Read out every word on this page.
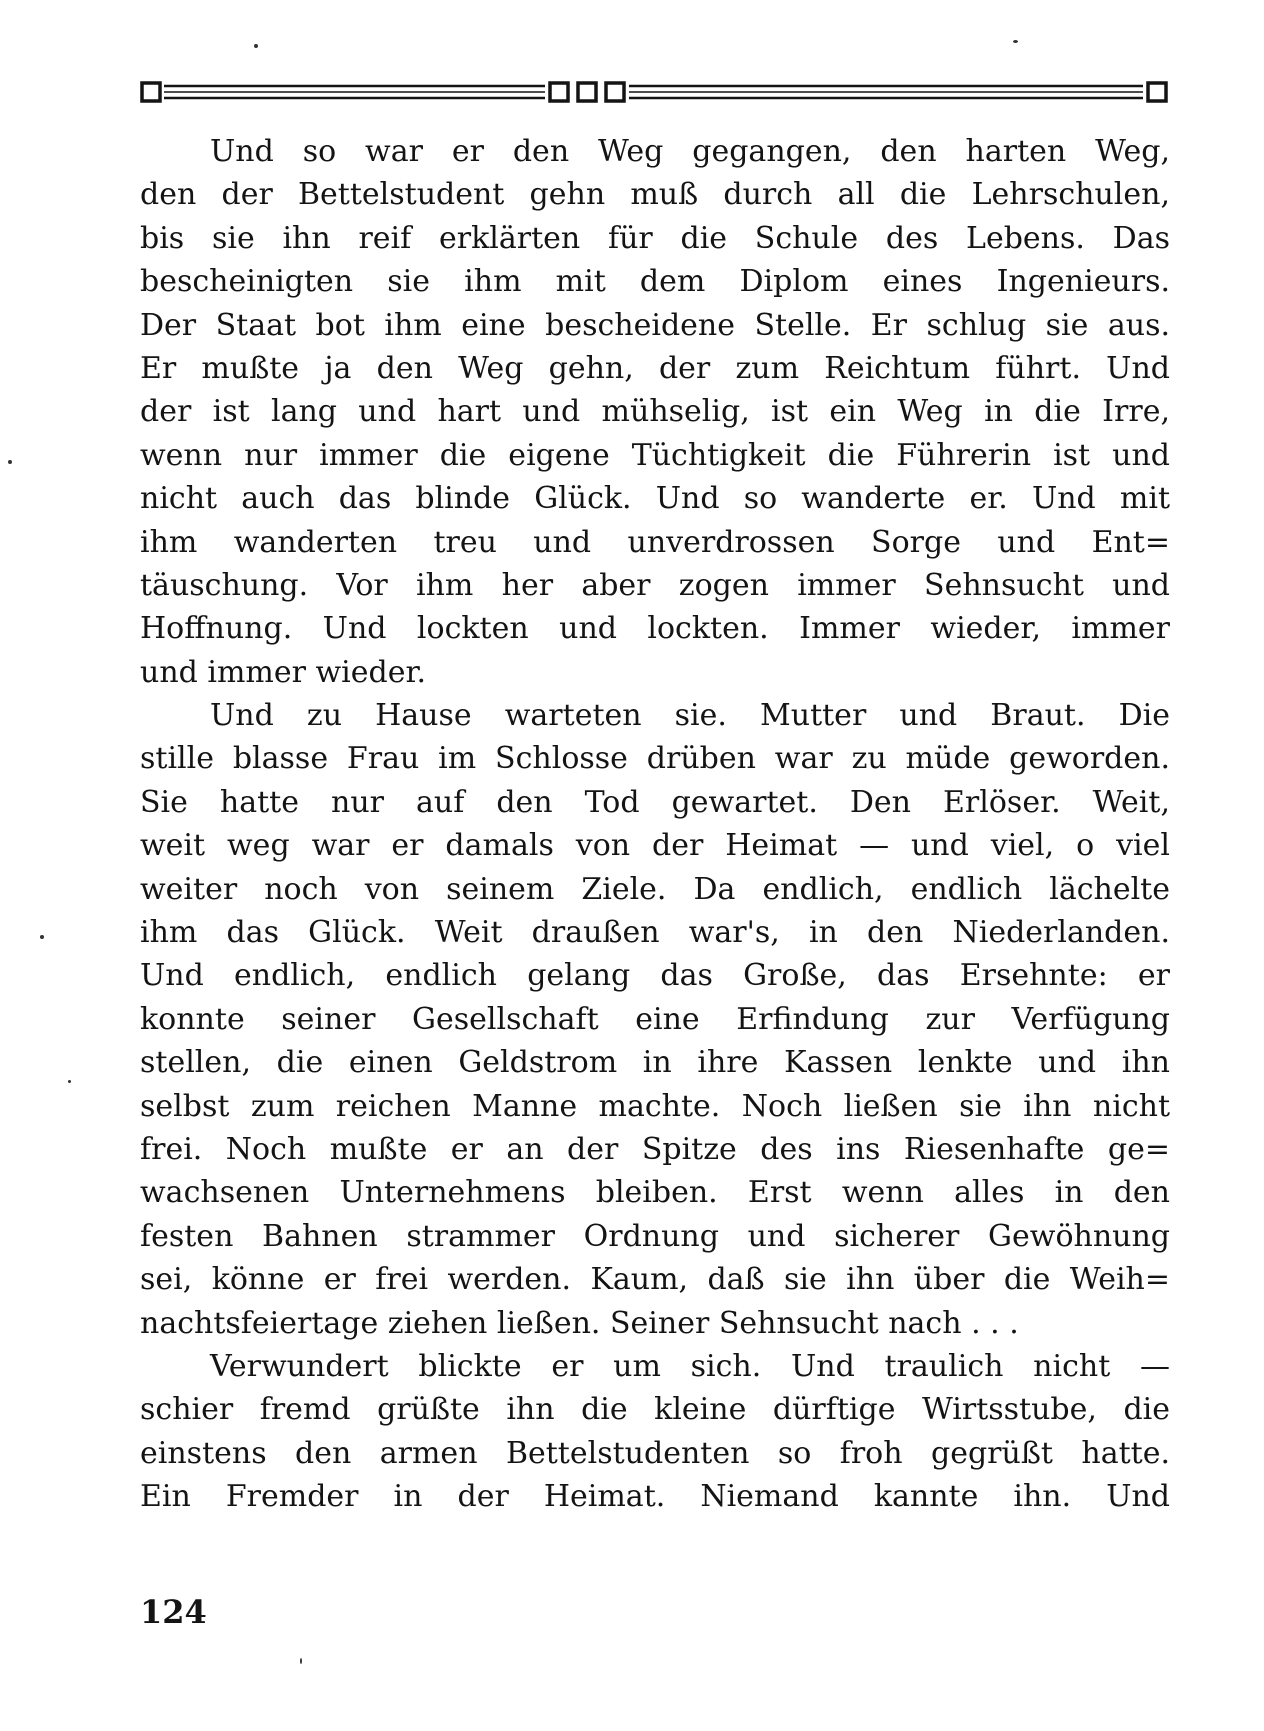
Und so war er den Weg gegangen, den harten Weg,
den der Bettelstudent gehn muß durch all die Lehrschulen,
bis sie ihn reif erklärten für die Schule des Lebens. Das
bescheinigten sie ihm mit dem Diplom eines Ingenieurs.
Der Staat bot ihm eine bescheidene Stelle. Er schlug sie aus.
Er mußte ja den Weg gehn, der zum Reichtum führt. Und
der ist lang und hart und mühselig, ist ein Weg in die Irre,
wenn nur immer die eigene Tüchtigkeit die Führerin ist und
nicht auch das blinde Glück. Und so wanderte er. Und mit
ihm wanderten treu und unverdrossen Sorge und Ent=
täuschung. Vor ihm her aber zogen immer Sehnsucht und
Hoffnung. Und lockten und lockten. Immer wieder, immer
und immer wieder.
Und zu Hause warteten sie. Mutter und Braut. Die
stille blasse Frau im Schlosse drüben war zu müde geworden.
Sie hatte nur auf den Tod gewartet. Den Erlöser. Weit,
weit weg war er damals von der Heimat — und viel, o viel
weiter noch von seinem Ziele. Da endlich, endlich lächelte
ihm das Glück. Weit draußen war's, in den Niederlanden.
Und endlich, endlich gelang das Große, das Ersehnte: er
konnte seiner Gesellschaft eine Erfindung zur Verfügung
stellen, die einen Geldstrom in ihre Kassen lenkte und ihn
selbst zum reichen Manne machte. Noch ließen sie ihn nicht
frei. Noch mußte er an der Spitze des ins Riesenhafte ge=
wachsenen Unternehmens bleiben. Erst wenn alles in den
festen Bahnen strammer Ordnung und sicherer Gewöhnung
sei, könne er frei werden. Kaum, daß sie ihn über die Weih=
nachtsfeiertage ziehen ließen. Seiner Sehnsucht nach . . .
Verwundert blickte er um sich. Und traulich nicht —
schier fremd grüßte ihn die kleine dürftige Wirtsstube, die
einstens den armen Bettelstudenten so froh gegrüßt hatte.
Ein Fremder in der Heimat. Niemand kannte ihn. Und
124
